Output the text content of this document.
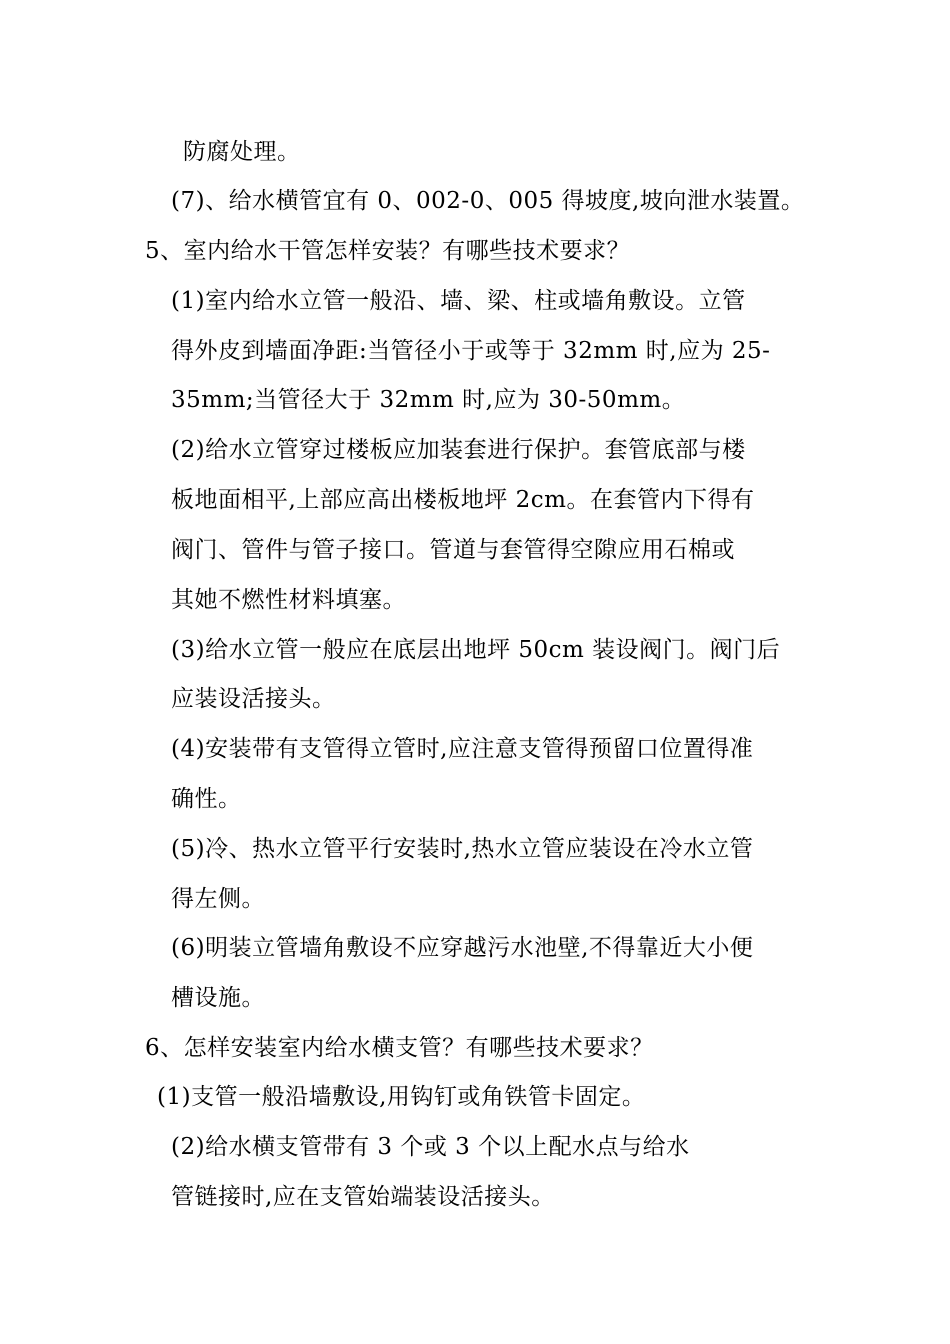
防腐处理。
(7)、给水横管宜有 0、002-0、005 得坡度,坡向泄水装置。
5、室内给水干管怎样安装？有哪些技术要求？
(1)室内给水立管一般沿、墙、梁、柱或墙角敷设。立管
得外皮到墙面净距:当管径小于或等于 32mm 时,应为 25-
35mm;当管径大于 32mm 时,应为 30-50mm。
(2)给水立管穿过楼板应加装套进行保护。套管底部与楼
板地面相平,上部应高出楼板地坪 2cm。在套管内下得有
阀门、管件与管子接口。管道与套管得空隙应用石棉或
其她不燃性材料填塞。
(3)给水立管一般应在底层出地坪 50cm 装设阀门。阀门后
应装设活接头。
(4)安装带有支管得立管时,应注意支管得预留口位置得准
确性。
(5)冷、热水立管平行安装时,热水立管应装设在冷水立管
得左侧。
(6)明装立管墙角敷设不应穿越污水池壁,不得靠近大小便
槽设施。
6、怎样安装室内给水横支管？有哪些技术要求？
(1)支管一般沿墙敷设,用钩钉或角铁管卡固定。
(2)给水横支管带有 3 个或 3 个以上配水点与给水
管链接时,应在支管始端装设活接头。
